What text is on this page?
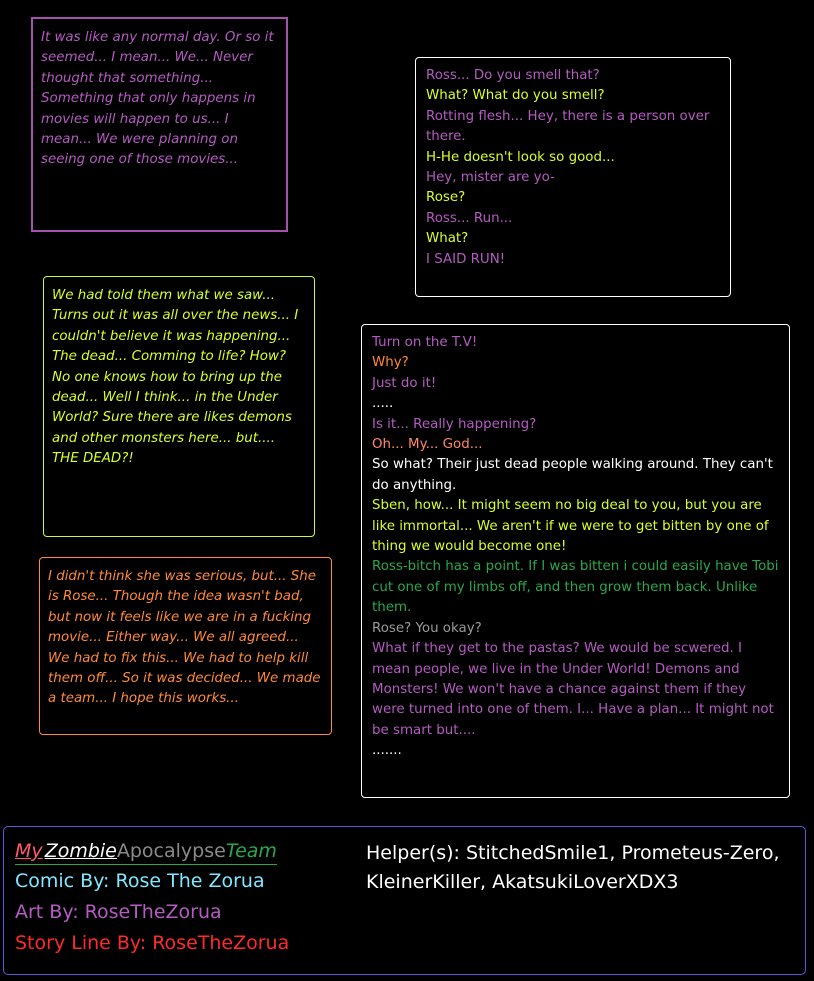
It was like any normal day. Or so it seemed... I mean... We... Never thought that something... Something that only happens in movies will happen to us... I mean... We were planning on seeing one of those movies...
Ross... Do you smell that?
What? What do you smell?
Rotting flesh... Hey, there is a person over there.
H-He doesn't look so good...
Hey, mister are yo-
Rose?
Ross... Run...
What?
I SAID RUN!
We had told them what we saw... Turns out it was all over the news... I couldn't believe it was happening... The dead... Comming to life? How? No one knows how to bring up the dead... Well I think... in the Under World? Sure there are likes demons and other monsters here... but.... THE DEAD?!
Turn on the T.V!
Why?
Just do it!
.....
Is it... Really happening?
Oh... My... God...
So what? Their just dead people walking around. They can't do anything.
Sben, how... It might seem no big deal to you, but you are like immortal... We aren't if we were to get bitten by one of thing we would become one!
Ross-bitch has a point. If I was bitten i could easily have Tobi cut one of my limbs off, and then grow them back. Unlike them.
Rose? You okay?
What if they get to the pastas? We would be scwered. I mean people, we live in the Under World! Demons and Monsters! We won't have a chance against them if they were turned into one of them. I... Have a plan... It might not be smart but....
.......
I didn't think she was serious, but... She is Rose... Though the idea wasn't bad, but now it feels like we are in a fucking movie... Either way... We all agreed... We had to fix this... We had to help kill them off... So it was decided... We made a team... I hope this works...
My ZombieApocalypseTeam
Comic By: Rose The Zorua
Art By: RoseTheZorua
Story Line By: RoseTheZorua
Helper(s): StitchedSmile1, Prometeus-Zero, KleinerKiller, AkatsukiLoverXDX3
